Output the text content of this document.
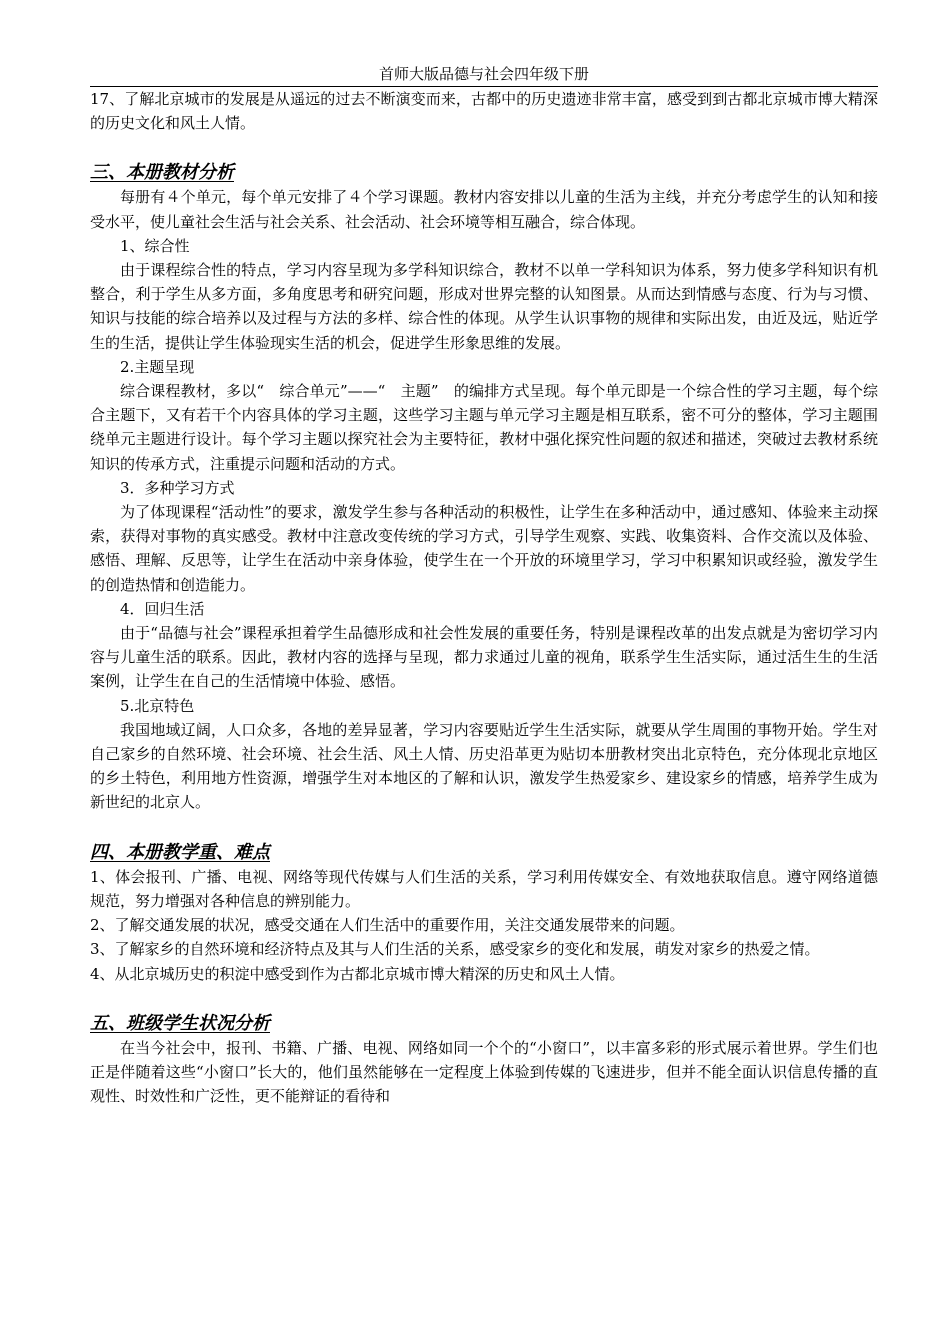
首师大版品德与社会四年级下册

17、了解北京城市的发展是从遥远的过去不断演变而来，古都中的历史遗迹非常丰富，感受到到古都北京城市博大精深的历史文化和风土人情。

三、本册教材分析

每册有４个单元，每个单元安排了４个学习课题。教材内容安排以儿童的生活为主线，并充分考虑学生的认知和接受水平，使儿童社会生活与社会关系、社会活动、社会环境等相互融合，综合体现。

1、综合性

由于课程综合性的特点，学习内容呈现为多学科知识综合，教材不以单一学科知识为体系，努力使多学科知识有机整合，利于学生从多方面，多角度思考和研究问题，形成对世界完整的认知图景。从而达到情感与态度、行为与习惯、知识与技能的综合培养以及过程与方法的多样、综合性的体现。从学生认识事物的规律和实际出发，由近及远，贴近学生的生活，提供让学生体验现实生活的机会，促进学生形象思维的发展。

2.主题呈现

综合课程教材，多以“　综合单元”——“　主题”　的编排方式呈现。每个单元即是一个综合性的学习主题，每个综合主题下，又有若干个内容具体的学习主题，这些学习主题与单元学习主题是相互联系，密不可分的整体，学习主题围绕单元主题进行设计。每个学习主题以探究社会为主要特征，教材中强化探究性问题的叙述和描述，突破过去教材系统知识的传承方式，注重提示问题和活动的方式。

3．多种学习方式

为了体现课程“活动性”的要求，激发学生参与各种活动的积极性，让学生在多种活动中，通过感知、体验来主动探索，获得对事物的真实感受。教材中注意改变传统的学习方式，引导学生观察、实践、收集资料、合作交流以及体验、感悟、理解、反思等，让学生在活动中亲身体验，使学生在一个开放的环境里学习，学习中积累知识或经验，激发学生的创造热情和创造能力。

4．回归生活

由于“品德与社会”课程承担着学生品德形成和社会性发展的重要任务，特别是课程改革的出发点就是为密切学习内容与儿童生活的联系。因此，教材内容的选择与呈现，都力求通过儿童的视角，联系学生生活实际，通过活生生的生活案例，让学生在自己的生活情境中体验、感悟。

5.北京特色

我国地域辽阔，人口众多，各地的差异显著，学习内容要贴近学生生活实际，就要从学生周围的事物开始。学生对自己家乡的自然环境、社会环境、社会生活、风土人情、历史沿革更为贴切本册教材突出北京特色，充分体现北京地区的乡土特色，利用地方性资源，增强学生对本地区的了解和认识，激发学生热爱家乡、建设家乡的情感，培养学生成为新世纪的北京人。

四、本册教学重、难点

1、体会报刊、广播、电视、网络等现代传媒与人们生活的关系，学习利用传媒安全、有效地获取信息。遵守网络道德规范，努力增强对各种信息的辨别能力。

2、了解交通发展的状况，感受交通在人们生活中的重要作用，关注交通发展带来的问题。

3、了解家乡的自然环境和经济特点及其与人们生活的关系，感受家乡的变化和发展，萌发对家乡的热爱之情。

4、从北京城历史的积淀中感受到作为古都北京城市博大精深的历史和风土人情。

五、班级学生状况分析

在当今社会中，报刊、书籍、广播、电视、网络如同一个个的“小窗口”，以丰富多彩的形式展示着世界。学生们也正是伴随着这些“小窗口”长大的，他们虽然能够在一定程度上体验到传媒的飞速进步，但并不能全面认识信息传播的直观性、时效性和广泛性，更不能辩证的看待和
